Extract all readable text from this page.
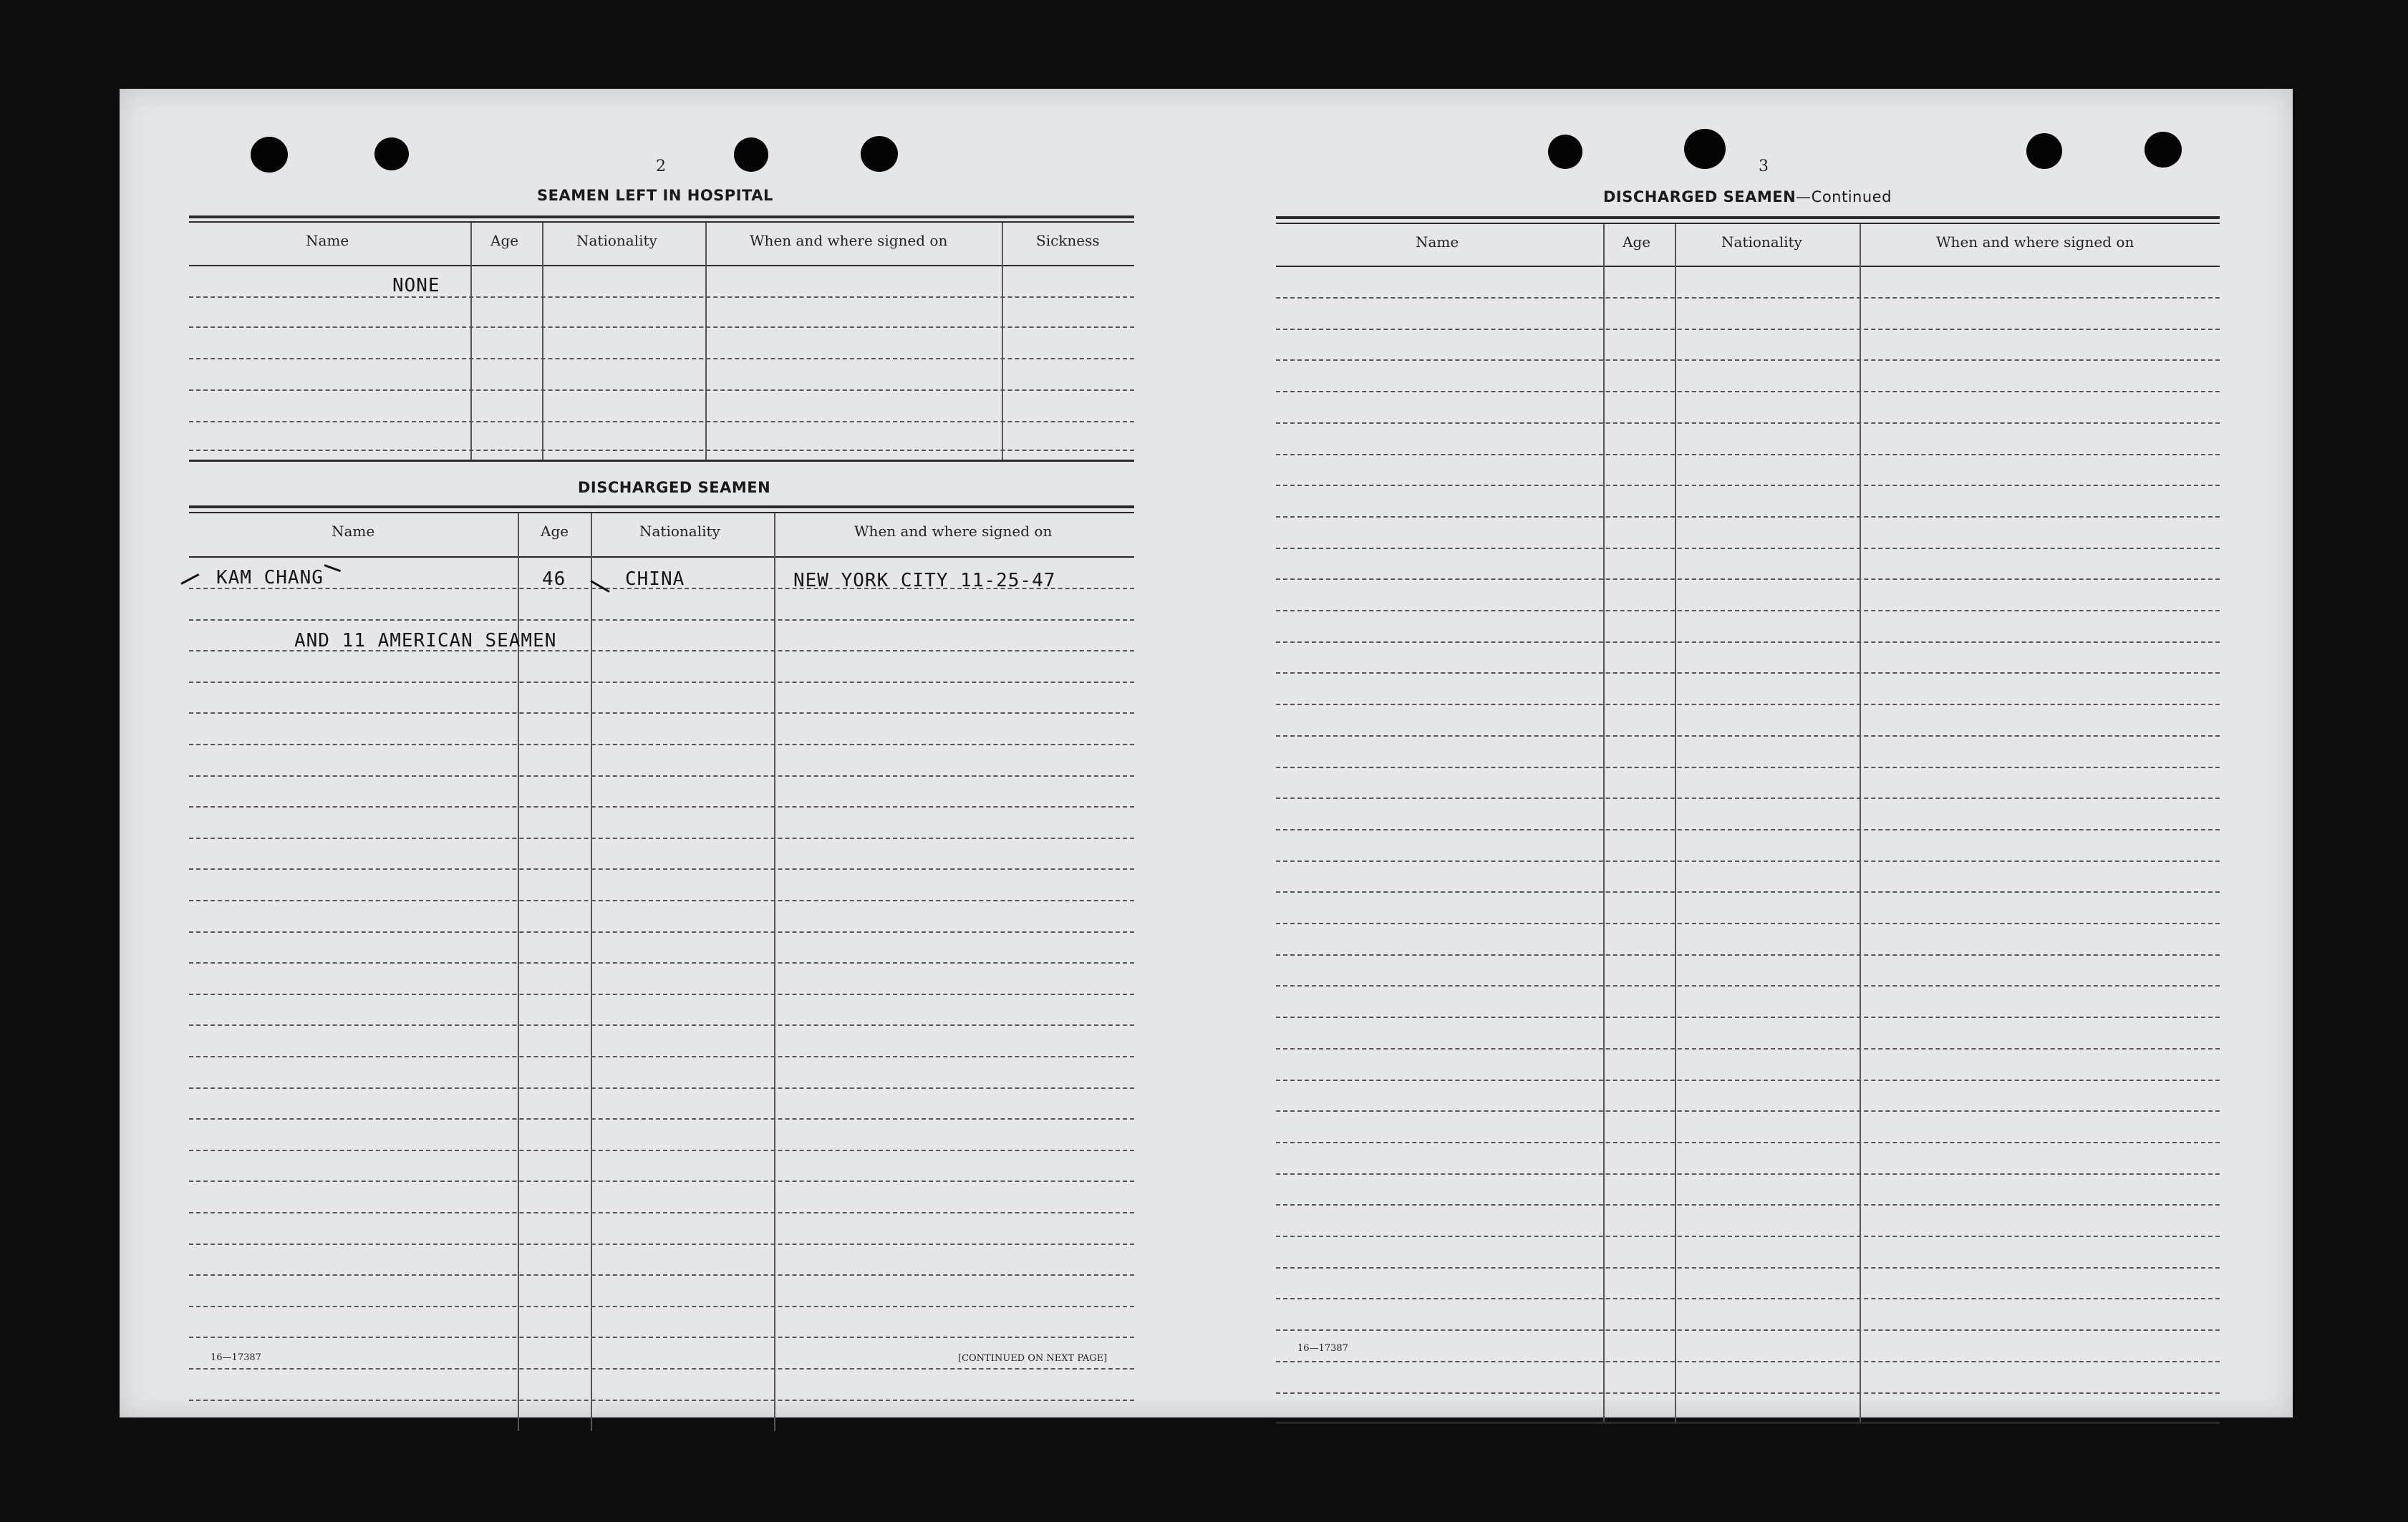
2
SEAMEN LEFT IN HOSPITAL
Name	Age	Nationality	When and where signed on	Sickness
NONE
DISCHARGED SEAMEN
Name	Age	Nationality	When and where signed on
KAM CHANG	46	CHINA	NEW YORK CITY 11-25-47
AND 11 AMERICAN SEAMEN
16—17387	[CONTINUED ON NEXT PAGE]
3
DISCHARGED SEAMEN—Continued
Name	Age	Nationality	When and where signed on
16—17387
